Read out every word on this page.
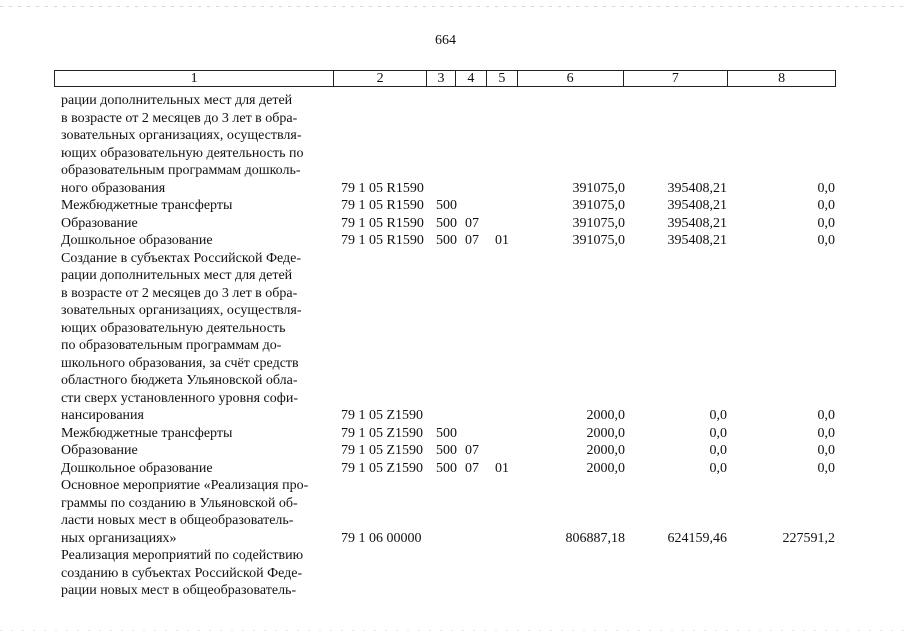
664
1	2	3	4	5	6	7	8
рации дополнительных мест для детей
в возрасте от 2 месяцев до 3 лет в обра-
зовательных организациях, осуществля-
ющих образовательную деятельность по
образовательным программам дошколь-
ного образования	79 1 05 R1590	391075,0	395408,21	0,0
Межбюджетные трансферты	79 1 05 R1590 500	391075,0	395408,21	0,0
Образование	79 1 05 R1590 500 07	391075,0	395408,21	0,0
Дошкольное образование	79 1 05 R1590 500 07 01	391075,0	395408,21	0,0
Создание в субъектах Российской Феде-
рации дополнительных мест для детей
в возрасте от 2 месяцев до 3 лет в обра-
зовательных организациях, осуществля-
ющих образовательную деятельность
по образовательным программам до-
школьного образования, за счёт средств
областного бюджета Ульяновской обла-
сти сверх установленного уровня софи-
нансирования	79 1 05 Z1590	2000,0	0,0	0,0
Межбюджетные трансферты	79 1 05 Z1590 500	2000,0	0,0	0,0
Образование	79 1 05 Z1590 500 07	2000,0	0,0	0,0
Дошкольное образование	79 1 05 Z1590 500 07 01	2000,0	0,0	0,0
Основное мероприятие «Реализация про-
граммы по созданию в Ульяновской об-
ласти новых мест в общеобразователь-
ных организациях»	79 1 06 00000	806887,18	624159,46	227591,2
Реализация мероприятий по содействию
созданию в субъектах Российской Феде-
рации новых мест в общеобразователь-
